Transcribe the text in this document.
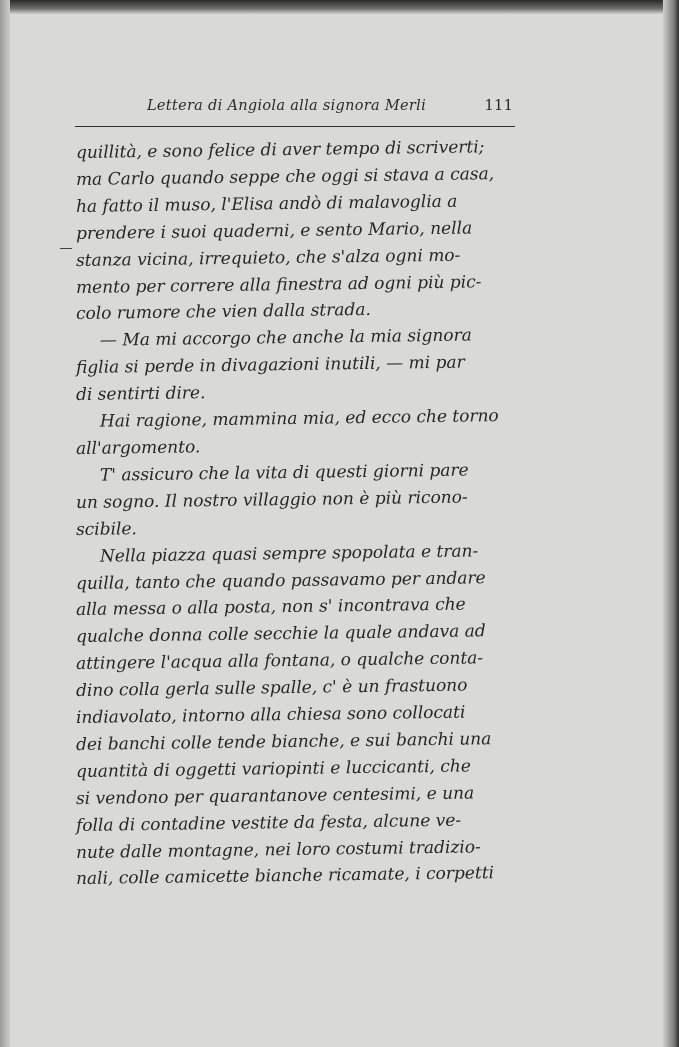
Lettera di Angiola alla signora Merli	111
quillità, e sono felice di aver tempo di scriverti;
ma Carlo quando seppe che oggi si stava a casa,
ha fatto il muso, l'Elisa andò di malavoglia a
prendere i suoi quaderni, e sento Mario, nella
stanza vicina, irrequieto, che s'alza ogni mo-
mento per correre alla finestra ad ogni più pic-
colo rumore che vien dalla strada.
— Ma mi accorgo che anche la mia signora
figlia si perde in divagazioni inutili, — mi par
di sentirti dire.
Hai ragione, mammina mia, ed ecco che torno
all'argomento.
T' assicuro che la vita di questi giorni pare
un sogno. Il nostro villaggio non è più ricono-
scibile.
Nella piazza quasi sempre spopolata e tran-
quilla, tanto che quando passavamo per andare
alla messa o alla posta, non s' incontrava che
qualche donna colle secchie la quale andava ad
attingere l'acqua alla fontana, o qualche conta-
dino colla gerla sulle spalle, c' è un frastuono
indiavolato, intorno alla chiesa sono collocati
dei banchi colle tende bianche, e sui banchi una
quantità di oggetti variopinti e luccicanti, che
si vendono per quarantanove centesimi, e una
folla di contadine vestite da festa, alcune ve-
nute dalle montagne, nei loro costumi tradizio-
nali, colle camicette bianche ricamate, i corpetti
